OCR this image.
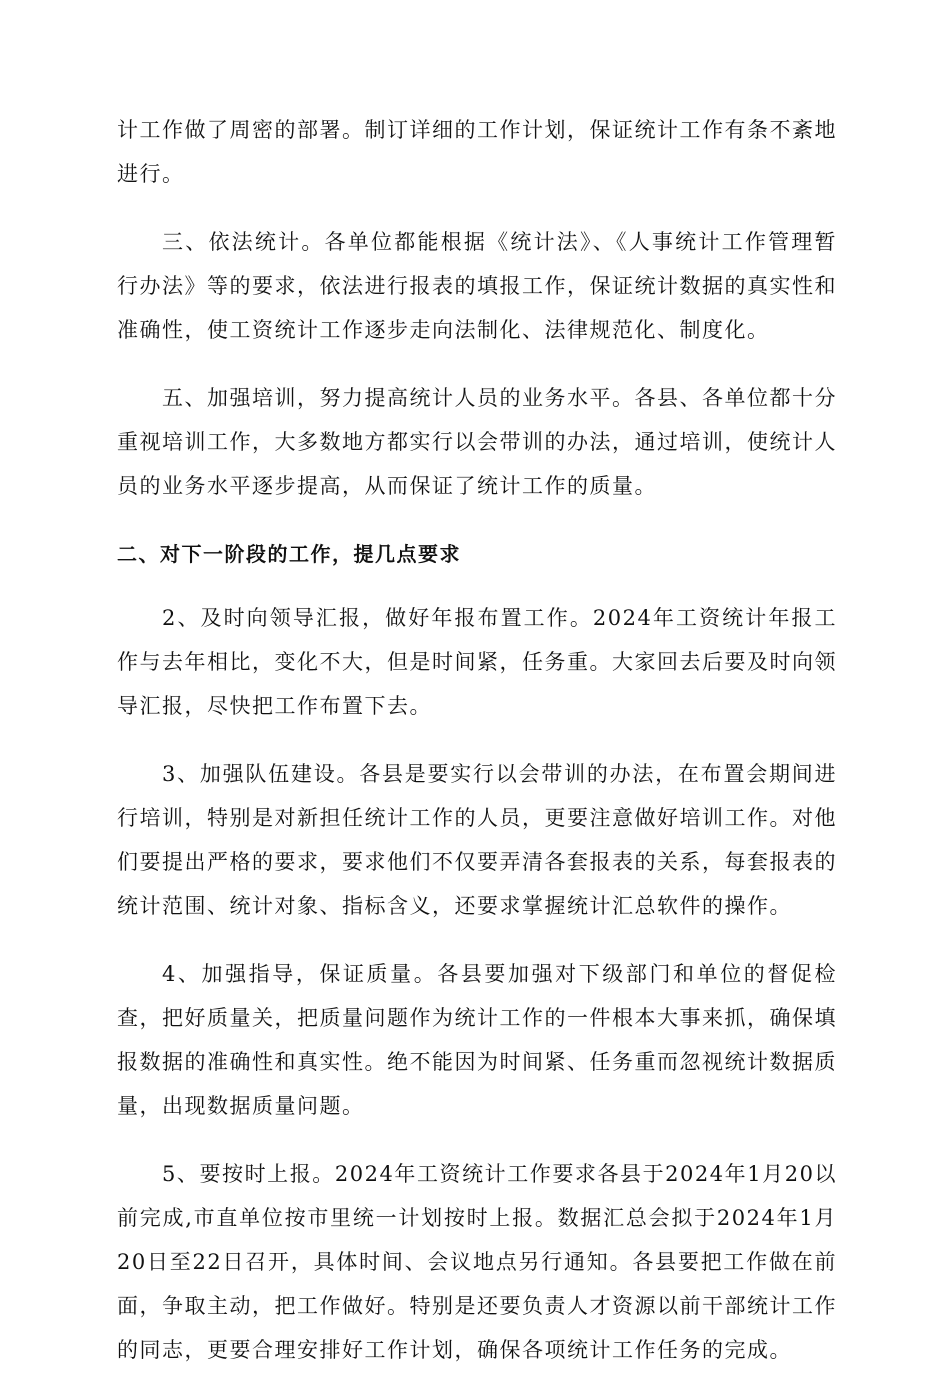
计工作做了周密的部署。制订详细的工作计划，保证统计工作有条不紊地进行。

三、依法统计。各单位都能根据《统计法》、《人事统计工作管理暂行办法》等的要求，依法进行报表的填报工作，保证统计数据的真实性和准确性，使工资统计工作逐步走向法制化、法律规范化、制度化。

五、加强培训，努力提高统计人员的业务水平。各县、各单位都十分重视培训工作，大多数地方都实行以会带训的办法，通过培训，使统计人员的业务水平逐步提高，从而保证了统计工作的质量。

二、对下一阶段的工作，提几点要求

2、及时向领导汇报，做好年报布置工作。2024年工资统计年报工作与去年相比，变化不大，但是时间紧，任务重。大家回去后要及时向领导汇报，尽快把工作布置下去。

3、加强队伍建设。各县是要实行以会带训的办法，在布置会期间进行培训，特别是对新担任统计工作的人员，更要注意做好培训工作。对他们要提出严格的要求，要求他们不仅要弄清各套报表的关系，每套报表的统计范围、统计对象、指标含义，还要求掌握统计汇总软件的操作。

4、加强指导，保证质量。各县要加强对下级部门和单位的督促检查，把好质量关，把质量问题作为统计工作的一件根本大事来抓，确保填报数据的准确性和真实性。绝不能因为时间紧、任务重而忽视统计数据质量，出现数据质量问题。

5、要按时上报。2024年工资统计工作要求各县于2024年1月20以前完成,市直单位按市里统一计划按时上报。数据汇总会拟于2024年1月20日至22日召开，具体时间、会议地点另行通知。各县要把工作做在前面，争取主动，把工作做好。特别是还要负责人才资源以前干部统计工作的同志，更要合理安排好工作计划，确保各项统计工作任务的完成。
